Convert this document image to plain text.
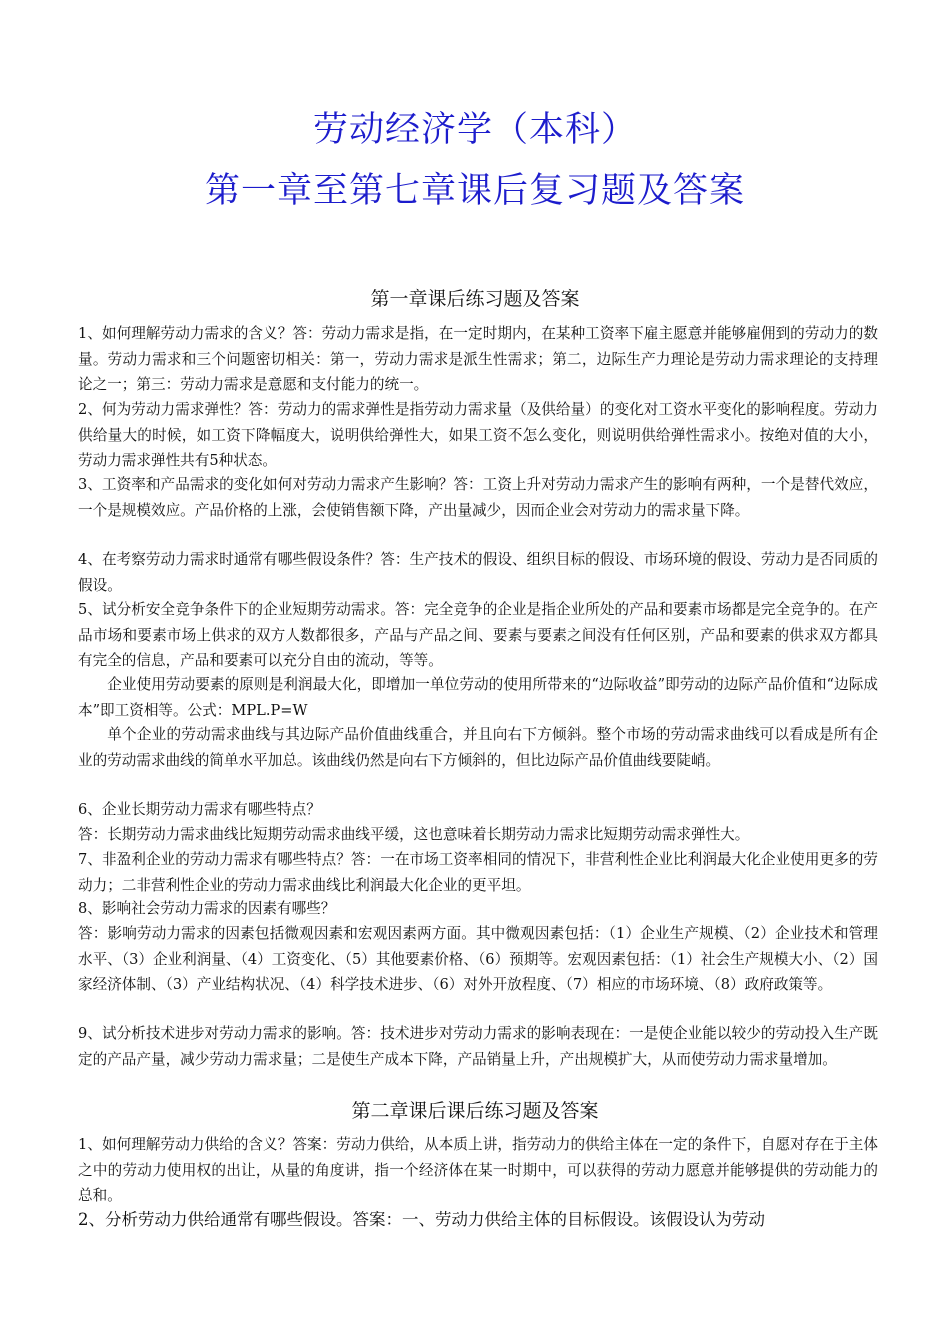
劳动经济学（本科）
第一章至第七章课后复习题及答案
第一章课后练习题及答案

1、如何理解劳动力需求的含义？答：劳动力需求是指，在一定时期内，在某种工资率下雇主愿意并能够雇佣到的劳动力的数量。劳动力需求和三个问题密切相关：第一，劳动力需求是派生性需求；第二，边际生产力理论是劳动力需求理论的支持理论之一；第三：劳动力需求是意愿和支付能力的统一。

2、何为劳动力需求弹性？答：劳动力的需求弹性是指劳动力需求量（及供给量）的变化对工资水平变化的影响程度。劳动力供给量大的时候，如工资下降幅度大，说明供给弹性大，如果工资不怎么变化，则说明供给弹性需求小。按绝对值的大小，劳动力需求弹性共有5种状态。

3、工资率和产品需求的变化如何对劳动力需求产生影响？答：工资上升对劳动力需求产生的影响有两种，一个是替代效应，一个是规模效应。产品价格的上涨，会使销售额下降，产出量减少，因而企业会对劳动力的需求量下降。

4、在考察劳动力需求时通常有哪些假设条件？答：生产技术的假设、组织目标的假设、市场环境的假设、劳动力是否同质的假设。

5、试分析安全竞争条件下的企业短期劳动需求。答：完全竞争的企业是指企业所处的产品和要素市场都是完全竞争的。在产品市场和要素市场上供求的双方人数都很多，产品与产品之间、要素与要素之间没有任何区别，产品和要素的供求双方都具有完全的信息，产品和要素可以充分自由的流动，等等。

企业使用劳动要素的原则是利润最大化，即增加一单位劳动的使用所带来的“边际收益”即劳动的边际产品价值和“边际成本”即工资相等。公式：MPL.P=W

单个企业的劳动需求曲线与其边际产品价值曲线重合，并且向右下方倾斜。整个市场的劳动需求曲线可以看成是所有企业的劳动需求曲线的简单水平加总。该曲线仍然是向右下方倾斜的，但比边际产品价值曲线要陡峭。

6、企业长期劳动力需求有哪些特点？

答：长期劳动力需求曲线比短期劳动需求曲线平缓，这也意味着长期劳动力需求比短期劳动需求弹性大。

7、非盈利企业的劳动力需求有哪些特点？答：一在市场工资率相同的情况下，非营利性企业比利润最大化企业使用更多的劳动力；二非营利性企业的劳动力需求曲线比利润最大化企业的更平坦。

8、影响社会劳动力需求的因素有哪些？

答：影响劳动力需求的因素包括微观因素和宏观因素两方面。其中微观因素包括：（1）企业生产规模、（2）企业技术和管理水平、（3）企业利润量、（4）工资变化、（5）其他要素价格、（6）预期等。宏观因素包括：（1）社会生产规模大小、（2）国家经济体制、（3）产业结构状况、（4）科学技术进步、（6）对外开放程度、（7）相应的市场环境、（8）政府政策等。

9、试分析技术进步对劳动力需求的影响。答：技术进步对劳动力需求的影响表现在：一是使企业能以较少的劳动投入生产既定的产品产量，减少劳动力需求量；二是使生产成本下降，产品销量上升，产出规模扩大，从而使劳动力需求量增加。

第二章课后课后练习题及答案

1、如何理解劳动力供给的含义？答案：劳动力供给，从本质上讲，指劳动力的供给主体在一定的条件下，自愿对存在于主体之中的劳动力使用权的出让，从量的角度讲，指一个经济体在某一时期中，可以获得的劳动力愿意并能够提供的劳动能力的总和。

2、分析劳动力供给通常有哪些假设。答案：一、劳动力供给主体的目标假设。该假设认为劳动
